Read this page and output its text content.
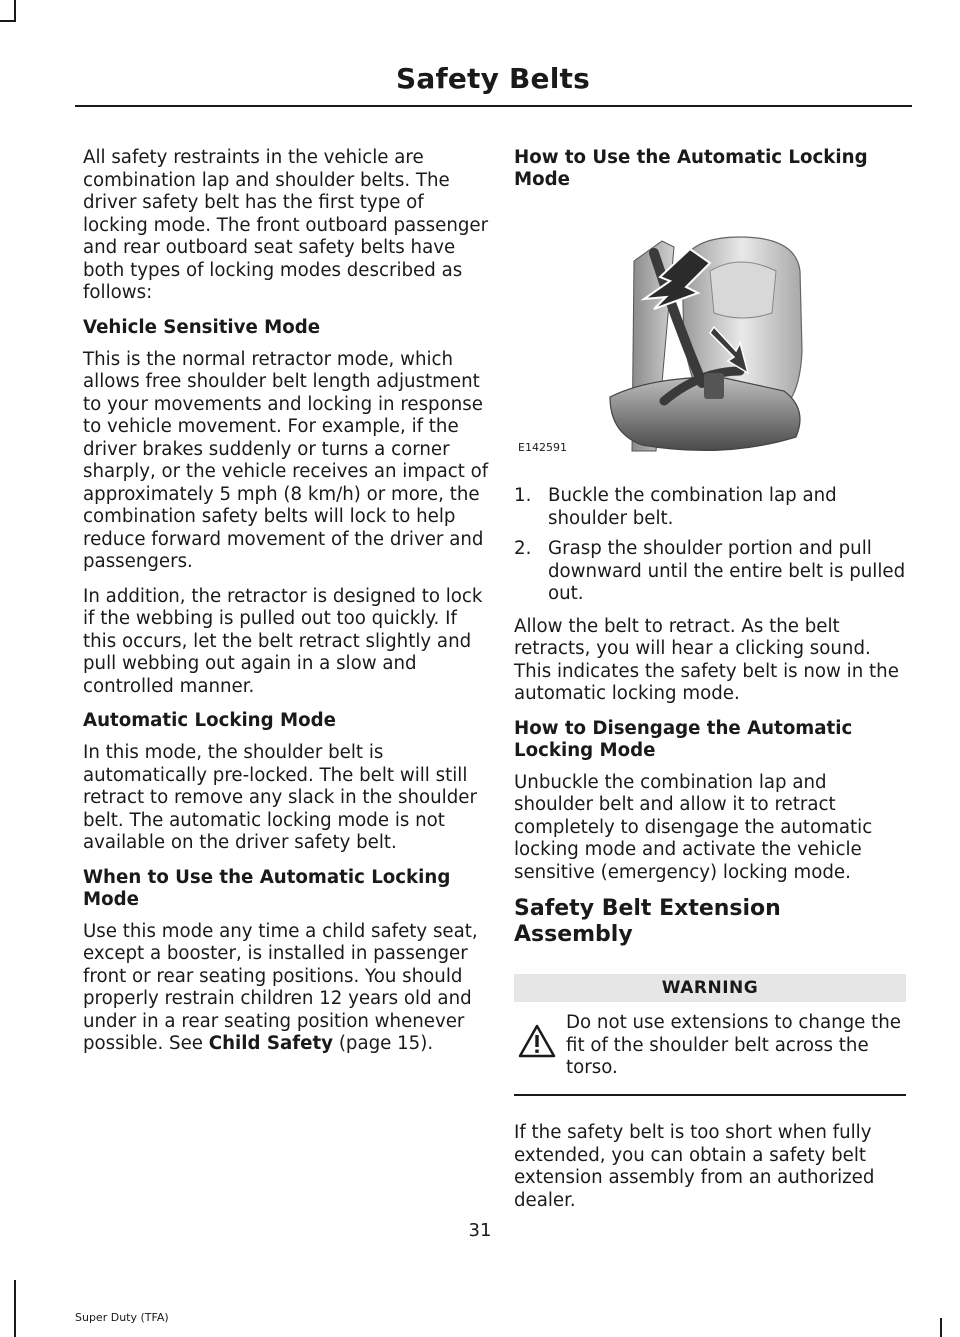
Safety Belts

All safety restraints in the vehicle are combination lap and shoulder belts. The driver safety belt has the first type of locking mode. The front outboard passenger and rear outboard seat safety belts have both types of locking modes described as follows:

Vehicle Sensitive Mode

This is the normal retractor mode, which allows free shoulder belt length adjustment to your movements and locking in response to vehicle movement. For example, if the driver brakes suddenly or turns a corner sharply, or the vehicle receives an impact of approximately 5 mph (8 km/h) or more, the combination safety belts will lock to help reduce forward movement of the driver and passengers.

In addition, the retractor is designed to lock if the webbing is pulled out too quickly. If this occurs, let the belt retract slightly and pull webbing out again in a slow and controlled manner.

Automatic Locking Mode

In this mode, the shoulder belt is automatically pre-locked. The belt will still retract to remove any slack in the shoulder belt. The automatic locking mode is not available on the driver safety belt.

When to Use the Automatic Locking Mode

Use this mode any time a child safety seat, except a booster, is installed in passenger front or rear seating positions. You should properly restrain children 12 years old and under in a rear seating position whenever possible. See Child Safety (page 15).

How to Use the Automatic Locking Mode
E142591
1. Buckle the combination lap and shoulder belt.
2. Grasp the shoulder portion and pull downward until the entire belt is pulled out.

Allow the belt to retract. As the belt retracts, you will hear a clicking sound. This indicates the safety belt is now in the automatic locking mode.

How to Disengage the Automatic Locking Mode

Unbuckle the combination lap and shoulder belt and allow it to retract completely to disengage the automatic locking mode and activate the vehicle sensitive (emergency) locking mode.

Safety Belt Extension Assembly
WARNING
Do not use extensions to change the fit of the shoulder belt across the torso.

If the safety belt is too short when fully extended, you can obtain a safety belt extension assembly from an authorized dealer.

31
Super Duty (TFA)
